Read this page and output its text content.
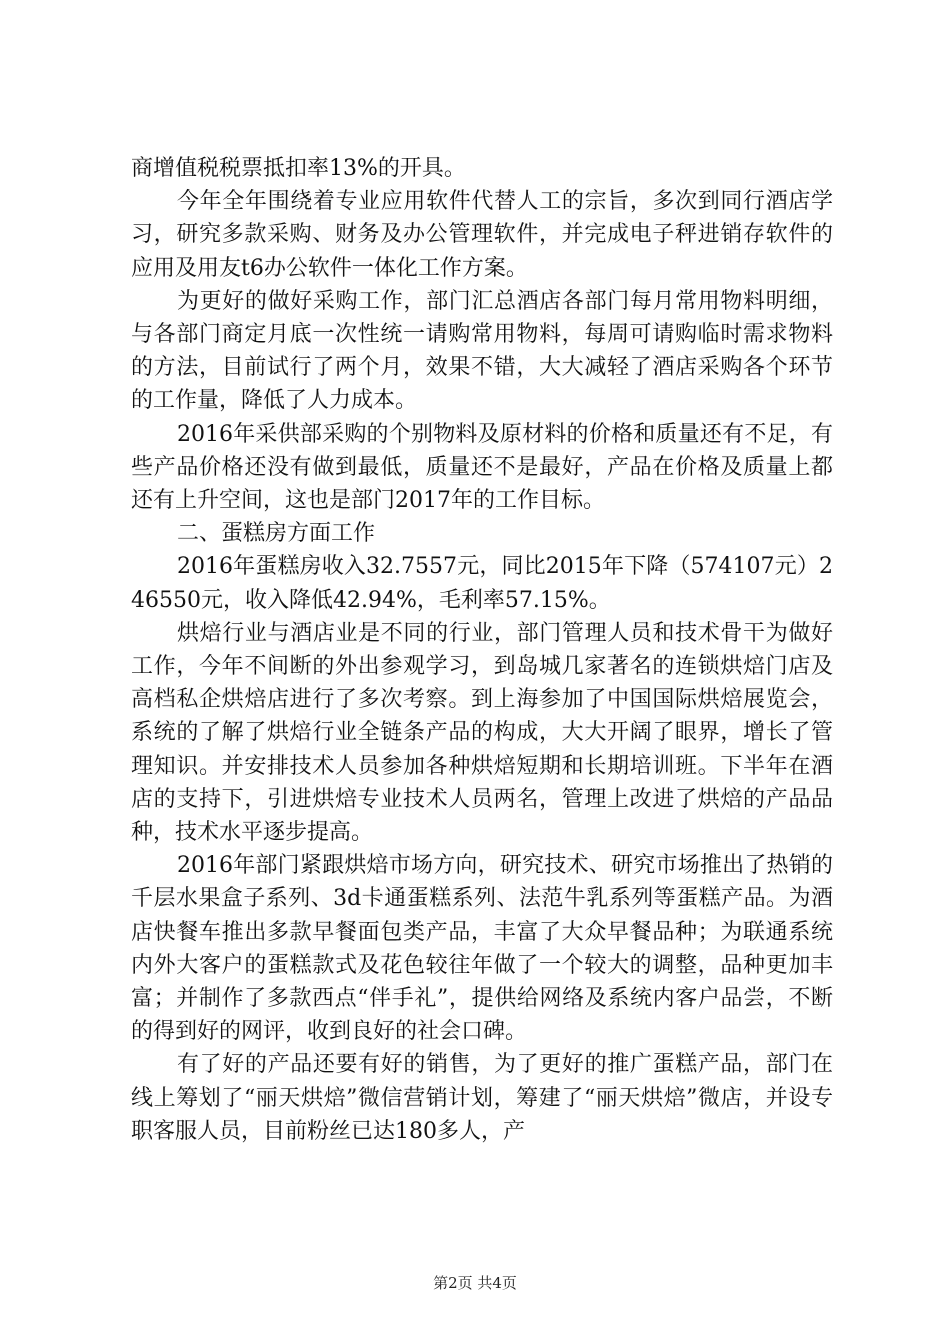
商增值税税票抵扣率13%的开具。

今年全年围绕着专业应用软件代替人工的宗旨，多次到同行酒店学习，研究多款采购、财务及办公管理软件，并完成电子秤进销存软件的应用及用友t6办公软件一体化工作方案。

为更好的做好采购工作，部门汇总酒店各部门每月常用物料明细，与各部门商定月底一次性统一请购常用物料，每周可请购临时需求物料的方法，目前试行了两个月，效果不错，大大减轻了酒店采购各个环节的工作量，降低了人力成本。

2016年采供部采购的个别物料及原材料的价格和质量还有不足，有些产品价格还没有做到最低，质量还不是最好，产品在价格及质量上都还有上升空间，这也是部门2017年的工作目标。

二、蛋糕房方面工作

2016年蛋糕房收入32.7557元，同比2015年下降（574107元）246550元，收入降低42.94%，毛利率57.15%。

烘焙行业与酒店业是不同的行业，部门管理人员和技术骨干为做好工作，今年不间断的外出参观学习，到岛城几家著名的连锁烘焙门店及高档私企烘焙店进行了多次考察。到上海参加了中国国际烘焙展览会，系统的了解了烘焙行业全链条产品的构成，大大开阔了眼界，增长了管理知识。并安排技术人员参加各种烘焙短期和长期培训班。下半年在酒店的支持下，引进烘焙专业技术人员两名，管理上改进了烘焙的产品品种，技术水平逐步提高。

2016年部门紧跟烘焙市场方向，研究技术、研究市场推出了热销的千层水果盒子系列、3d卡通蛋糕系列、法范牛乳系列等蛋糕产品。为酒店快餐车推出多款早餐面包类产品，丰富了大众早餐品种；为联通系统内外大客户的蛋糕款式及花色较往年做了一个较大的调整，品种更加丰富；并制作了多款西点“伴手礼”，提供给网络及系统内客户品尝，不断的得到好的网评，收到良好的社会口碑。

有了好的产品还要有好的销售，为了更好的推广蛋糕产品，部门在线上筹划了“丽天烘焙”微信营销计划，筹建了“丽天烘焙”微店，并设专职客服人员，目前粉丝已达180多人，产

第2页 共4页
